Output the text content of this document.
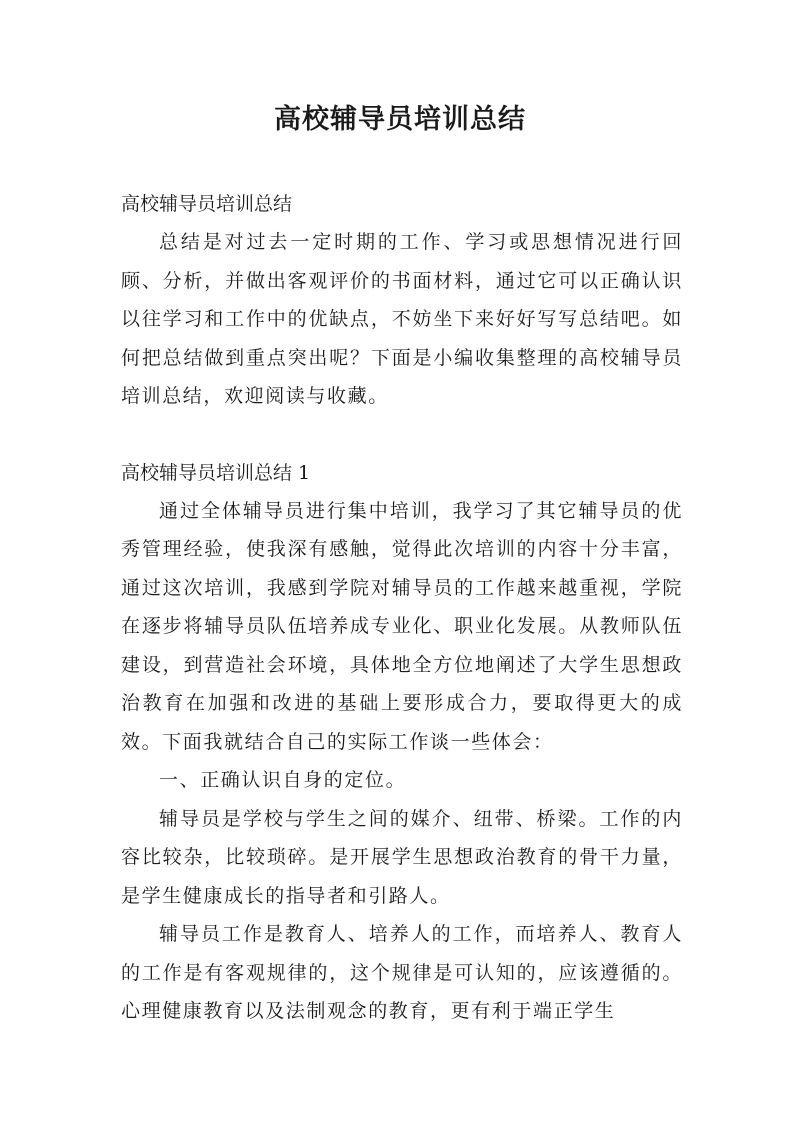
高校辅导员培训总结

高校辅导员培训总结

总结是对过去一定时期的工作、学习或思想情况进行回顾、分析，并做出客观评价的书面材料，通过它可以正确认识以往学习和工作中的优缺点，不妨坐下来好好写写总结吧。如何把总结做到重点突出呢？下面是小编收集整理的高校辅导员培训总结，欢迎阅读与收藏。

高校辅导员培训总结 1

通过全体辅导员进行集中培训，我学习了其它辅导员的优秀管理经验，使我深有感触，觉得此次培训的内容十分丰富，通过这次培训，我感到学院对辅导员的工作越来越重视，学院在逐步将辅导员队伍培养成专业化、职业化发展。从教师队伍建设，到营造社会环境，具体地全方位地阐述了大学生思想政治教育在加强和改进的基础上要形成合力，要取得更大的成效。下面我就结合自己的实际工作谈一些体会：

一、正确认识自身的定位。

辅导员是学校与学生之间的媒介、纽带、桥梁。工作的内容比较杂，比较琐碎。是开展学生思想政治教育的骨干力量，是学生健康成长的指导者和引路人。

辅导员工作是教育人、培养人的工作，而培养人、教育人的工作是有客观规律的，这个规律是可认知的，应该遵循的。心理健康教育以及法制观念的教育，更有利于端正学生
